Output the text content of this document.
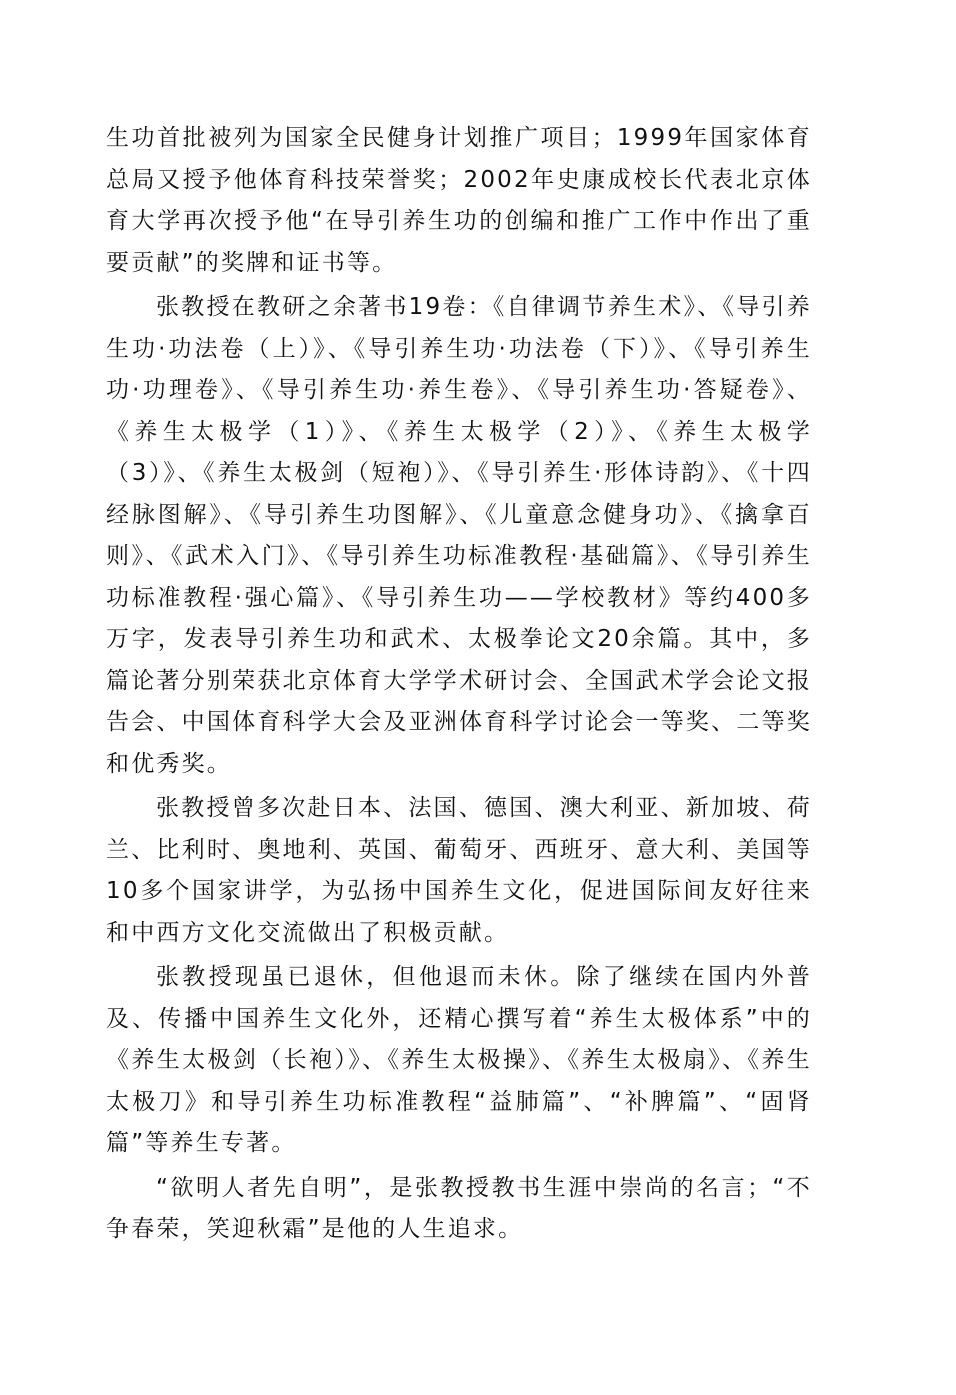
生功首批被列为国家全民健身计划推广项目；1999年国家体育总局又授予他体育科技荣誉奖；2002年史康成校长代表北京体育大学再次授予他“在导引养生功的创编和推广工作中作出了重要贡献”的奖牌和证书等。

张教授在教研之余著书19卷：《自律调节养生术》、《导引养生功·功法卷（上）》、《导引养生功·功法卷（下）》、《导引养生功·功理卷》、《导引养生功·养生卷》、《导引养生功·答疑卷》、《养生太极学（1）》、《养生太极学（2）》、《养生太极学（3）》、《养生太极剑（短袍）》、《导引养生·形体诗韵》、《十四经脉图解》、《导引养生功图解》、《儿童意念健身功》、《擒拿百则》、《武术入门》、《导引养生功标准教程·基础篇》、《导引养生功标准教程·强心篇》、《导引养生功——学校教材》等约400多万字，发表导引养生功和武术、太极拳论文20余篇。其中，多篇论著分别荣获北京体育大学学术研讨会、全国武术学会论文报告会、中国体育科学大会及亚洲体育科学讨论会一等奖、二等奖和优秀奖。

张教授曾多次赴日本、法国、德国、澳大利亚、新加坡、荷兰、比利时、奥地利、英国、葡萄牙、西班牙、意大利、美国等10多个国家讲学，为弘扬中国养生文化，促进国际间友好往来和中西方文化交流做出了积极贡献。

张教授现虽已退休，但他退而未休。除了继续在国内外普及、传播中国养生文化外，还精心撰写着“养生太极体系”中的《养生太极剑（长袍）》、《养生太极操》、《养生太极扇》、《养生太极刀》和导引养生功标准教程“益肺篇”、“补脾篇”、“固肾篇”等养生专著。

“欲明人者先自明”，是张教授教书生涯中崇尚的名言；“不争春荣，笑迎秋霜”是他的人生追求。
